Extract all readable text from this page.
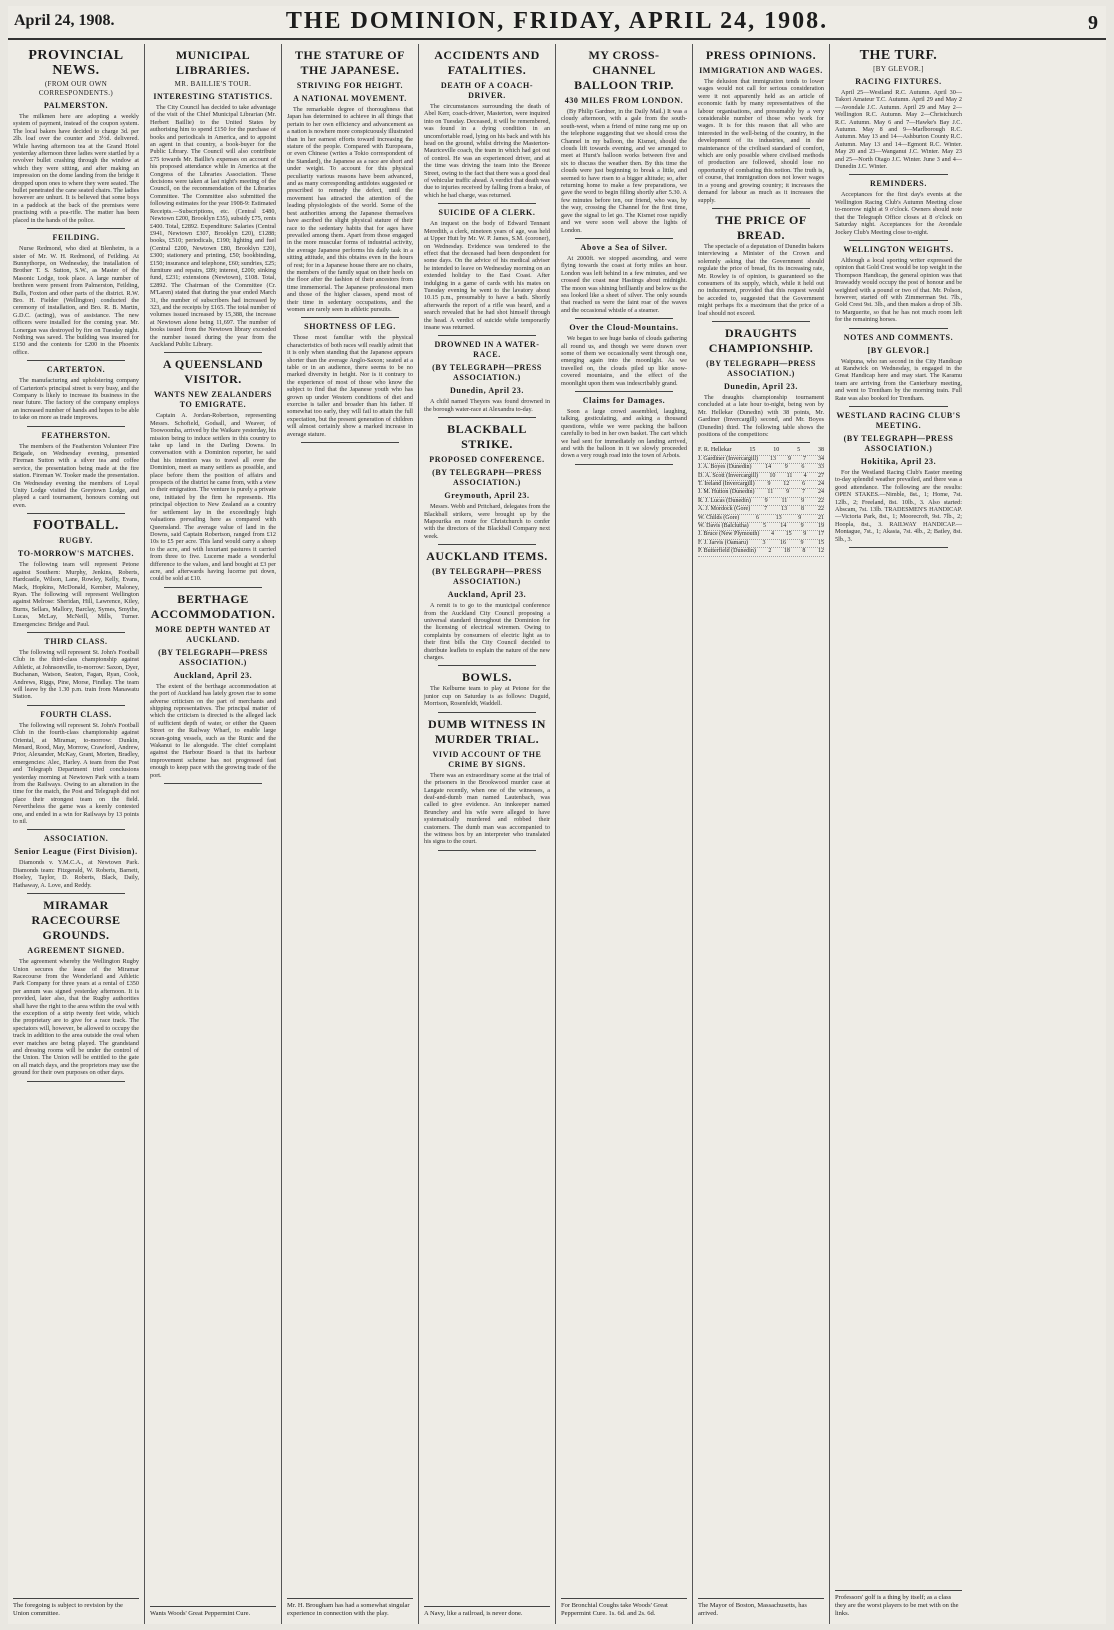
April 24, 1908.	THE DOMINION, FRIDAY, APRIL 24, 1908.	9
PROVINCIAL NEWS.
(FROM OUR OWN CORRESPONDENTS.)
PALMERSTON.

The milkmen here are adopting a weekly system of payment, instead of the coupon system. The local bakers have decided to charge 3d. per 2lb. loaf over the counter and 3½d. delivered. While having afternoon tea at the Grand Hotel yesterday afternoon three ladies were startled by a revolver bullet crashing through the window at which they were sitting, and after making an impression on the dome landing from the bridge it dropped upon ones to where they were seated. The bullet penetrated the cane seated chairs. The ladies however are unhurt. It is believed that some boys in a paddock at the back of the premises were practising with a pea-rifle. The matter has been placed in the hands of the police.

FEILDING.

Nurse Redmond, who died at Blenheim, is a sister of Mr. W. H. Redmond, of Feilding. At Bunnythorpe, on Wednesday, the installation of Brother T. S. Sutton, S.W., as Master of the Masonic Lodge, took place. A large number of brethren were present from Palmerston, Feilding, Bulls, Foxton and other parts of the district. R.W. Bro. H. Fielder (Wellington) conducted the ceremony of installation, and Bro. R. B. Martin, G.D.C. (acting), was of assistance. The new officers were installed for the coming year. Mr. Lonergan was destroyed by fire on Tuesday night. Nothing was saved. The building was insured for £150 and the contents for £200 in the Phoenix office.

CARTERTON.

The manufacturing and upholstering company of Carterton's principal street is very busy, and the Company is likely to increase its business in the near future. The factory of the company employs an increased number of hands and hopes to be able to take on more as trade improves.

FEATHERSTON.

The members of the Featherston Volunteer Fire Brigade, on Wednesday evening, presented Fireman Sutton with a silver tea and coffee service, the presentation being made at the fire station. Fireman W. Tooker made the presentation. On Wednesday evening the members of Loyal Unity Lodge visited the Greytown Lodge, and played a card tournament, honours coming out even.

FOOTBALL.
RUGBY.
TO-MORROW'S MATCHES.

The following team will represent Petone against Southern: Murphy, Jenkins, Roberts, Hardcastle, Wilson, Lane, Rowley, Kelly, Evans, Mack, Hopkins, McDonald, Kember, Maloney, Ryan. The following will represent Wellington against Melrose: Sheridan, Hill, Lawrence, Kiley, Burns, Sellars, Mallory, Barclay, Symes, Smythe, Lucas, McLay, McNeill, Mills, Turner. Emergencies: Bridge and Paul.

THIRD CLASS.

The following will represent St. John's Football Club in the third-class championship against Athletic, at Johnsonville, to-morrow: Saxon, Dyer, Buchanan, Watson, Seaton, Fagan, Ryan, Cook, Andrews, Riggs, Pine, Morse, Findlay. The team will leave by the 1.30 p.m. train from Manawatu Station.

FOURTH CLASS.

The following will represent St. John's Football Club in the fourth-class championship against Oriental, at Miramar, to-morrow: Dunkin, Menard, Rood, May, Morrow, Crawford, Andrew, Prior, Alexander, McKay, Grant, Morten, Bradley, emergencies: Alec, Harley. A team from the Post and Telegraph Department tried conclusions yesterday morning at Newtown Park with a team from the Railways. Owing to an alteration in the time for the match, the Post and Telegraph did not place their strongest team on the field. Nevertheless the game was a keenly contested one, and ended in a win for Railways by 13 points to nil.

ASSOCIATION.
Senior League (First Division).

Diamonds v. Y.M.C.A., at Newtown Park. Diamonds team: Fitzgerald, W. Roberts, Barnett, Hoeley, Taylor, D. Roberts, Black, Daily, Hathaway, A. Love, and Reddy.

MIRAMAR RACECOURSE GROUNDS.
AGREEMENT SIGNED.

The agreement whereby the Wellington Rugby Union secures the lease of the Miramar Racecourse from the Wonderland and Athletic Park Company for three years at a rental of £350 per annum was signed yesterday afternoon. It is provided, later also, that the Rugby authorities shall have the right to the area within the oval with the exception of a strip twenty feet wide, which the proprietary are to give for a race track. The spectators will, however, be allowed to occupy the track in addition to the area outside the oval when ever matches are being played. The grandstand and dressing rooms will be under the control of the Union. The Union will be entitled to the gate on all match days, and the proprietors may use the ground for their own purposes on other days.

The foregoing is subject to revision by the Union committee.
MUNICIPAL LIBRARIES.
MR. BAILLIE'S TOUR.
INTERESTING STATISTICS.

The City Council has decided to take advantage of the visit of the Chief Municipal Librarian (Mr. Herbert Baillie) to the United States by authorising him to spend £150 for the purchase of books and periodicals in America, and to appoint an agent in that country, a book-buyer for the Public Library. The Council will also contribute £75 towards Mr. Baillie's expenses on account of his proposed attendance while in America at the Congress of the Libraries Association. These decisions were taken at last night's meeting of the Council, on the recommendation of the Libraries Committee. The Committee also submitted the following estimates for the year 1908-9: Estimated Receipts.—Subscriptions, etc. (Central £480, Newtown £200, Brooklyn £35), subsidy £75, rents £400. Total, £2892. Expenditure: Salaries (Central £941, Newtown £307, Brooklyn £20), £1288; books, £510; periodicals, £190; lighting and fuel (Central £200, Newtown £80, Brooklyn £20), £300; stationery and printing, £50; bookbinding, £150; insurance and telephone, £60; sundries, £25; furniture and repairs, £89; interest, £200; sinking fund, £231; extensions (Newtown), £108. Total, £2892. The Chairman of the Committee (Cr. M'Laren) stated that during the year ended March 31, the number of subscribers had increased by 323, and the receipts by £165. The total number of volumes issued increased by 15,388, the increase at Newtown alone being 11,697. The number of books issued from the Newtown library exceeded the number issued during the year from the Auckland Public Library.

A QUEENSLAND VISITOR.
WANTS NEW ZEALANDERS TO EMIGRATE.

Captain A. Jordan-Robertson, representing Messrs. Schofield, Godsall, and Weaver, of Toowoomba, arrived by the Waikare yesterday, his mission being to induce settlers in this country to take up land in the Darling Downs. In conversation with a Dominion reporter, he said that his intention was to travel all over the Dominion, meet as many settlers as possible, and place before them the position of affairs and prospects of the district he came from, with a view to their emigration. The venture is purely a private one, initiated by the firm he represents. His principal objection to New Zealand as a country for settlement lay in the exceedingly high valuations prevailing here as compared with Queensland. The average value of land in the Downs, said Captain Robertson, ranged from £12 10s to £5 per acre. This land would carry a sheep to the acre, and with luxuriant pastures it carried from three to five. Lucerne made a wonderful difference to the values, and land bought at £3 per acre, and afterwards having lucerne put down, could be sold at £10.

BERTHAGE ACCOMMODATION.
MORE DEPTH WANTED AT AUCKLAND.
(BY TELEGRAPH—PRESS ASSOCIATION.)
Auckland, April 23.

The extent of the berthage accommodation at the port of Auckland has lately grown rise to some adverse criticism on the part of merchants and shipping representatives. The principal matter of which the criticism is directed is the alleged lack of sufficient depth of water, or either the Queen Street or the Railway Wharf, to enable large ocean-going vessels, such as the Runic and the Wakanui to lie alongside. The chief complaint against the Harbour Board is that its harbour improvement scheme has not progressed fast enough to keep pace with the growing trade of the port.

Wants Woods' Great Peppermint Cure.
THE STATURE OF THE JAPANESE.
STRIVING FOR HEIGHT.
A NATIONAL MOVEMENT.

The remarkable degree of thoroughness that Japan has determined to achieve in all things that pertain to her own efficiency and advancement as a nation is nowhere more conspicuously illustrated than in her earnest efforts toward increasing the stature of the people. Compared with Europeans, or even Chinese (writes a Tokio correspondent of the Standard), the Japanese as a race are short and under weight. To account for this physical peculiarity various reasons have been advanced, and as many corresponding antidotes suggested or prescribed to remedy the defect, until the movement has attracted the attention of the leading physiologists of the world. Some of the best authorities among the Japanese themselves have ascribed the slight physical stature of their race to the sedentary habits that for ages have prevailed among them. Apart from those engaged in the more muscular forms of industrial activity, the average Japanese performs his daily task in a sitting attitude, and this obtains even in the hours of rest; for in a Japanese house there are no chairs, the members of the family squat on their heels on the floor after the fashion of their ancestors from time immemorial. The Japanese professional men and those of the higher classes, spend most of their time in sedentary occupations, and the women are rarely seen in athletic pursuits.

SHORTNESS OF LEG.

Those most familiar with the physical characteristics of both races will readily admit that it is only when standing that the Japanese appears shorter than the average Anglo-Saxon; seated at a table or in an audience, there seems to be no marked diversity in height. Nor is it contrary to the experience of most of those who know the subject to find that the Japanese youth who has grown up under Western conditions of diet and exercise is taller and broader than his father. If somewhat too early, they will fail to attain the full expectation, but the present generation of children will almost certainly show a marked increase in average stature.

Mr. H. Brougham has had a somewhat singular experience in connection with the play.
ACCIDENTS AND FATALITIES.
DEATH OF A COACH-DRIVER.

The circumstances surrounding the death of Abel Kerr, coach-driver, Masterton, were inquired into on Tuesday. Deceased, it will be remembered, was found in a dying condition in an uncomfortable road, lying on his back and with his head on the ground, whilst driving the Masterton-Mauriceville coach, the team in which had got out of control. He was an experienced driver, and at the time was driving the team into the Breeze Street, owing to the fact that there was a good deal of vehicular traffic ahead. A verdict that death was due to injuries received by falling from a brake, of which he had charge, was returned.

SUICIDE OF A CLERK.

An inquest on the body of Edward Tennant Meredith, a clerk, nineteen years of age, was held at Upper Hutt by Mr. W. P. James, S.M. (coroner), on Wednesday. Evidence was tendered to the effect that the deceased had been despondent for some days. On the advice of his medical adviser he intended to leave on Wednesday morning on an extended holiday to the East Coast. After indulging in a game of cards with his mates on Tuesday evening he went to the lavatory about 10.15 p.m., presumably to have a bath. Shortly afterwards the report of a rifle was heard, and a search revealed that he had shot himself through the head. A verdict of suicide while temporarily insane was returned.

DROWNED IN A WATER-RACE.
(BY TELEGRAPH—PRESS ASSOCIATION.)
Dunedin, April 23.

A child named Theyers was found drowned in the borough water-race at Alexandra to-day.

BLACKBALL STRIKE.
PROPOSED CONFERENCE.
(BY TELEGRAPH—PRESS ASSOCIATION.)
Greymouth, April 23.

Messrs. Webb and Pritchard, delegates from the Blackball strikers, were brought up by the Mapourika en route for Christchurch to confer with the directors of the Blackball Company next week.

AUCKLAND ITEMS.
(BY TELEGRAPH—PRESS ASSOCIATION.)
Auckland, April 23.

A remit is to go to the municipal conference from the Auckland City Council proposing a universal standard throughout the Dominion for the licensing of electrical wiremen. Owing to complaints by consumers of electric light as to their first bills the City Council decided to distribute leaflets to explain the nature of the new charges.

BOWLS.

The Kelburne team to play at Petone for the junior cup on Saturday is as follows: Duguid, Morrison, Rosenfeldt, Waddell.

DUMB WITNESS IN MURDER TRIAL.
VIVID ACCOUNT OF THE CRIME BY SIGNS.

There was an extraordinary scene at the trial of the prisoners in the Brookwood murder case at Langate recently, when one of the witnesses, a deaf-and-dumb man named Lautenbach, was called to give evidence. An innkeeper named Brunchey and his wife were alleged to have systematically murdered and robbed their customers. The dumb man was accompanied to the witness box by an interpreter who translated his signs to the court.

A Navy, like a railroad, is never done.
MY CROSS-CHANNEL BALLOON TRIP.
430 MILES FROM LONDON.

(By Philip Gardner, in the Daily Mail.) It was a cloudy afternoon, with a gale from the south-south-west, when a friend of mine rang me up on the telephone suggesting that we should cross the Channel in my balloon, the Kismet, should the clouds lift towards evening, and we arranged to meet at Hurst's balloon works between five and six to discuss the weather then. By this time the clouds were just beginning to break a little, and seemed to have risen to a bigger altitude; so, after returning home to make a few preparations, we gave the word to begin filling shortly after 5.30. A few minutes before ten, our friend, who was, by the way, crossing the Channel for the first time, gave the signal to let go. The Kismet rose rapidly and we were soon well above the lights of London.

Above a Sea of Silver.

At 2000ft. we stopped ascending, and were flying towards the coast at forty miles an hour. London was left behind in a few minutes, and we crossed the coast near Hastings about midnight. The moon was shining brilliantly and below us the sea looked like a sheet of silver. The only sounds that reached us were the faint roar of the waves and the occasional whistle of a steamer.

Over the Cloud-Mountains.

We began to see huge banks of clouds gathering all round us, and though we were drawn over some of them we occasionally went through one, emerging again into the moonlight. As we travelled on, the clouds piled up like snow-covered mountains, and the effect of the moonlight upon them was indescribably grand.

Claims for Damages.

Soon a large crowd assembled, laughing, talking, gesticulating, and asking a thousand questions, while we were packing the balloon carefully to bed in her own basket. The cart which we had sent for immediately on landing arrived, and with the balloon in it we slowly proceeded down a very rough road into the town of Arbois.

For Bronchial Coughs take Woods' Great Peppermint Cure. 1s. 6d. and 2s. 6d.
PRESS OPINIONS.
IMMIGRATION AND WAGES.

The delusion that immigration tends to lower wages would not call for serious consideration were it not apparently held as an article of economic faith by many representatives of the labour organisations, and presumably by a very considerable number of those who work for wages. It is for this reason that all who are interested in the well-being of the country, in the development of its industries, and in the maintenance of the civilised standard of comfort, which are only possible where civilised methods of production are followed, should lose no opportunity of combating this notion. The truth is, of course, that immigration does not lower wages in a young and growing country; it increases the demand for labour as much as it increases the supply.

THE PRICE OF BREAD.

The spectacle of a deputation of Dunedin bakers interviewing a Minister of the Crown and solemnly asking that the Government should regulate the price of bread, fix its increasing rate, Mr. Rowley is of opinion, is guaranteed so the consumers of its supply, which, while it held out no inducement, provided that this request would be acceded to, suggested that the Government might perhaps fix a maximum that the price of a loaf should not exceed.

DRAUGHTS CHAMPIONSHIP.
(BY TELEGRAPH—PRESS ASSOCIATION.)
Dunedin, April 23.

The draughts championship tournament concluded at a late hour to-night, being won by Mr. Hellekar (Dunedin) with 38 points, Mr. Gardiner (Invercargill) second, and Mr. Boyes (Dunedin) third. The following table shows the positions of the competitors:

F. R. Hellekar	15	10	5	38
J. Gardiner (Invercargill) 13 9 7 34
J. A. Boyes (Dunedin) 14 9 6 33
D. A. Scott (Invercargill) 10 11 4 27
T. Ireland (Invercargill) 9 12 6 24
J. M. Hutton (Dunedin) 11 9 7 24
R. J. Lucas (Dunedin) 9 11 9 22
A. J. Mordock (Gore) 7 13 8 22
W. Childs (Gore)	6	13	9	21
W. Davis (Balclutha) 5 14 9 19
J. Bruce (New Plymouth) 4 15 9 17
F. J. Jarvis (Oamaru) 3 16 9 15
P. Butterfield (Dunedin) 2 18 8 12
The Mayor of Boston, Massachusetts, has arrived.
THE TURF.
[BY GLEVOR.]
RACING FIXTURES.

April 25—Westland R.C. Autumn. April 30—Takori Amateur T.C. Autumn. April 29 and May 2—Avondale J.C. Autumn. April 29 and May 2—Wellington R.C. Autumn. May 2—Christchurch R.C. Autumn. May 6 and 7—Hawke's Bay J.C. Autumn. May 8 and 9—Marlborough R.C. Autumn. May 13 and 14—Ashburton County R.C. Autumn. May 13 and 14—Egmont R.C. Winter. May 20 and 23—Wanganui J.C. Winter. May 23 and 25—North Otago J.C. Winter. June 3 and 4—Dunedin J.C. Winter.

REMINDERS.

Acceptances for the first day's events at the Wellington Racing Club's Autumn Meeting close to-morrow night at 9 o'clock. Owners should note that the Telegraph Office closes at 8 o'clock on Saturday night. Acceptances for the Avondale Jockey Club's Meeting close to-night.

WELLINGTON WEIGHTS.

Although a local sporting writer expressed the opinion that Gold Crest would be top weight in the Thompson Handicap, the general opinion was that Irrawaddy would occupy the post of honour and be weighted with a pound or two of that. Mr. Polson, however, started off with Zimmerman 9st. 7lb., Gold Crest 9st. 3lb., and then makes a drop of 3lb. to Marguerite, so that he has not much room left for the remaining horses.

NOTES AND COMMENTS.
[BY GLEVOR.]

Waipuna, who ran second in the City Handicap at Randwick on Wednesday, is engaged in the Great Handicap here and may start. The Karamu team are arriving from the Canterbury meeting, and went to Trentham by the morning train. Full Rate was also booked for Trentham.

WESTLAND RACING CLUB'S MEETING.
(BY TELEGRAPH—PRESS ASSOCIATION.)
Hokitika, April 23.

For the Westland Racing Club's Easter meeting to-day splendid weather prevailed, and there was a good attendance. The following are the results: OPEN STAKES.—Nimble, 8st., 1; Home, 7st. 12lb., 2; Freeland, 8st. 10lb., 3. Also started: Abscam, 7st. 13lb. TRADESMEN'S HANDICAP.—Victoria Park, 8st., 1; Moorecroft, 9st. 7lb., 2; Hoopla, 8st., 3. RAILWAY HANDICAP.—Montague, 7st., 1; Akasia, 7st. 4lb., 2; Batley, 8st. 5lb., 3.

Professors' golf is a thing by itself; as a class they are the worst players to be met with on the links.
